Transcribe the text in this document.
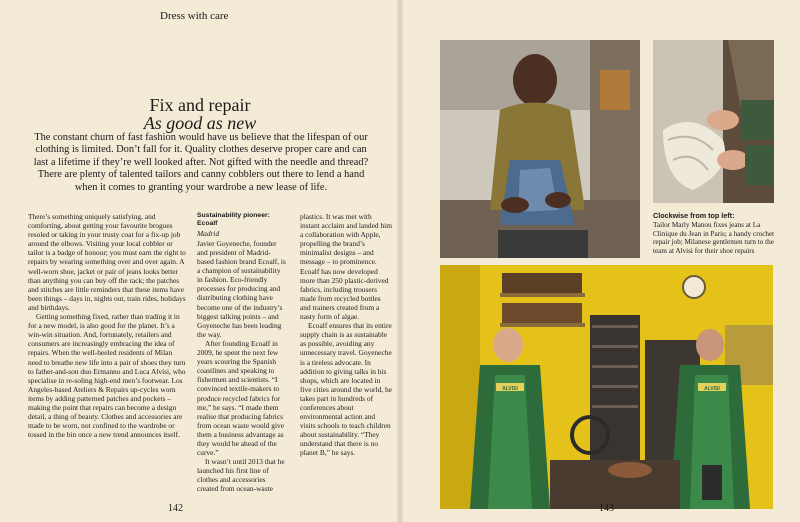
Dress with care
Fix and repair
As good as new
The constant churn of fast fashion would have us believe that the lifespan of our clothing is limited. Don’t fall for it. Quality clothes deserve proper care and can last a lifetime if they’re well looked after. Not gifted with the needle and thread? There are plenty of talented tailors and canny cobblers out there to lend a hand when it comes to granting your wardrobe a new lease of life.

There’s something uniquely satisfying, and comforting, about getting your favourite brogues resoled or taking in your trusty coat for a fix-up job around the elbows. Visiting your local cobbler or tailor is a badge of honour; you must earn the right to repairs by wearing something over and over again. A well-worn shoe, jacket or pair of jeans looks better than anything you can buy off the rack; the patches and stitches are little reminders that these items have been things – days in, nights out, train rides, holidays and birthdays.

Getting something fixed, rather than trading it in for a new model, is also good for the planet. It’s a win-win situation. And, fortunately, retailers and consumers are increasingly embracing the idea of repairs. When the well-heeled residents of Milan need to breathe new life into a pair of shoes they turn to father-and-son duo Ermanno and Luca Alvisi, who specialise in re-soling high-end men’s footwear. Los Angeles-based Ateliers & Repairs up-cycles worn items by adding patterned patches and pockets – making the point that repairs can become a design detail, a thing of beauty. Clothes and accessories are made to be worn, not confined to the wardrobe or tossed in the bin once a new trend announces itself.

Sustainability pioneer: Ecoalf
Madrid

Javier Goyeneche, founder and president of Madrid-based fashion brand Ecoalf, is a champion of sustainability in fashion. Eco-friendly processes for producing and distributing clothing have become one of the industry’s biggest talking points – and Goyeneche has been leading the way.

After founding Ecoalf in 2009, he spent the next few years scouring the Spanish coastlines and speaking to fishermen and scientists. “I convinced textile-makers to produce recycled fabrics for me,” he says. “I made them realise that producing fabrics from ocean waste would give them a business advantage as they would be ahead of the curve.”

It wasn’t until 2013 that he launched his first line of clothes and accessories created from ocean-waste

plastics. It was met with instant acclaim and landed him a collaboration with Apple, propelling the brand’s minimalist designs – and message – to prominence. Ecoalf has now developed more than 250 plastic-derived fabrics, including trousers made from recycled bottles and trainers created from a nasty form of algae.

Ecoalf ensures that its entire supply chain is as sustainable as possible, avoiding any unnecessary travel. Goyeneche is a tireless advocate. In addition to giving talks in his shops, which are located in five cities around the world, he takes part in hundreds of conferences about environmental action and visits schools to teach children about sustainability. “They understand that there is no planet B,” he says.

142
Clockwise from top left:
Tailor Marly Manou fixes jeans at La Clinique du Jean in Paris; a handy crochet repair job; Milanese gentlemen turn to the team at Alvisi for their shoe repairs
ALVISI	ALVISI
143
